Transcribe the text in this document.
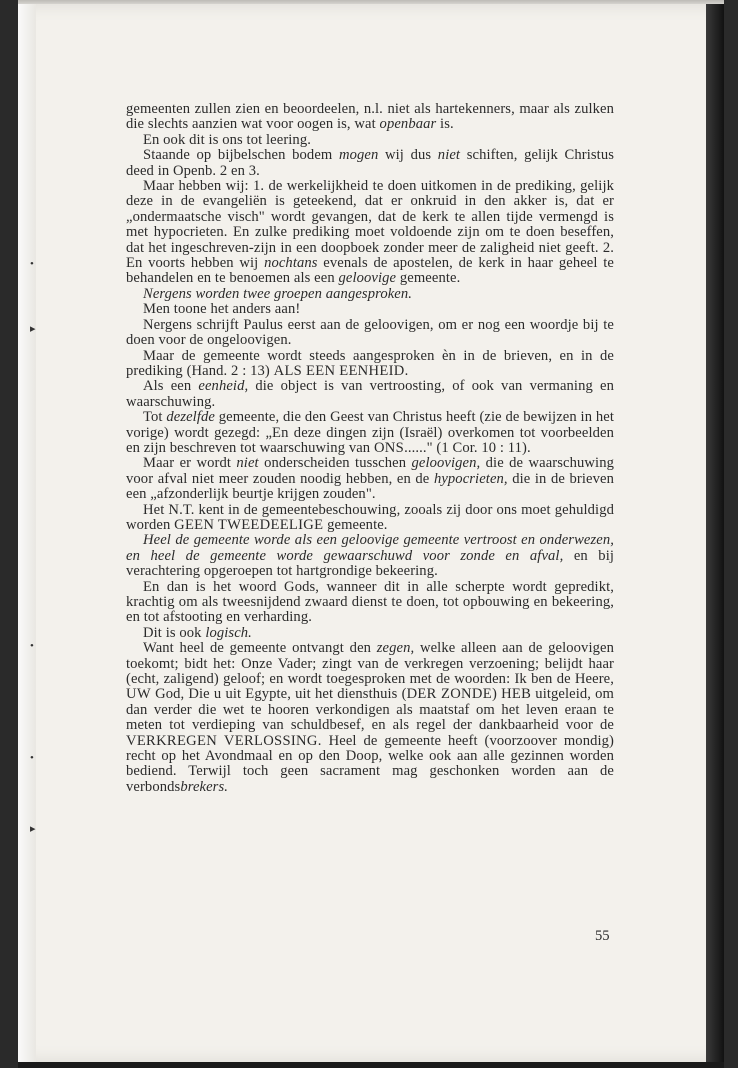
•
▸
•
•
▸

gemeenten zullen zien en beoordeelen, n.l. niet als hartekenners, maar als zulken die slechts aanzien wat voor oogen is, wat openbaar is.

En ook dit is ons tot leering.

Staande op bijbelschen bodem mogen wij dus niet schiften, gelijk Christus deed in Openb. 2 en 3.

Maar hebben wij: 1. de werkelijkheid te doen uitkomen in de prediking, gelijk deze in de evangeliën is geteekend, dat er onkruid in den akker is, dat er „ondermaatsche visch" wordt gevangen, dat de kerk te allen tijde vermengd is met hypocrieten. En zulke prediking moet voldoende zijn om te doen beseffen, dat het ingeschreven-zijn in een doopboek zonder meer de zaligheid niet geeft. 2. En voorts hebben wij nochtans evenals de apostelen, de kerk in haar geheel te behandelen en te benoemen als een geloovige gemeente.

Nergens worden twee groepen aangesproken.

Men toone het anders aan!

Nergens schrijft Paulus eerst aan de geloovigen, om er nog een woordje bij te doen voor de ongeloovigen.

Maar de gemeente wordt steeds aangesproken èn in de brieven, en in de prediking (Hand. 2 : 13) ALS EEN EENHEID.

Als een eenheid, die object is van vertroosting, of ook van vermaning en waarschuwing.

Tot dezelfde gemeente, die den Geest van Christus heeft (zie de bewijzen in het vorige) wordt gezegd: „En deze dingen zijn (Israël) overkomen tot voorbeelden en zijn beschreven tot waarschuwing van ONS......" (1 Cor. 10 : 11).

Maar er wordt niet onderscheiden tusschen geloovigen, die de waarschuwing voor afval niet meer zouden noodig hebben, en de hypocrieten, die in de brieven een „afzonderlijk beurtje krijgen zouden".

Het N.T. kent in de gemeentebeschouwing, zooals zij door ons moet gehuldigd worden GEEN TWEEDEELIGE gemeente.

Heel de gemeente worde als een geloovige gemeente vertroost en onderwezen, en heel de gemeente worde gewaarschuwd voor zonde en afval, en bij verachtering opgeroepen tot hartgrondige bekeering.

En dan is het woord Gods, wanneer dit in alle scherpte wordt gepredikt, krachtig om als tweesnijdend zwaard dienst te doen, tot opbouwing en bekeering, en tot afstooting en verharding.

Dit is ook logisch.

Want heel de gemeente ontvangt den zegen, welke alleen aan de geloovigen toekomt; bidt het: Onze Vader; zingt van de verkregen verzoening; belijdt haar (echt, zaligend) geloof; en wordt toegesproken met de woorden: Ik ben de Heere, UW God, Die u uit Egypte, uit het diensthuis (DER ZONDE) HEB uitgeleid, om dan verder die wet te hooren verkondigen als maatstaf om het leven eraan te meten tot verdieping van schuldbesef, en als regel der dankbaarheid voor de VERKREGEN VERLOSSING. Heel de gemeente heeft (voorzoover mondig) recht op het Avondmaal en op den Doop, welke ook aan alle gezinnen worden bediend. Terwijl toch geen sacrament mag geschonken worden aan de verbondsbrekers.

55
